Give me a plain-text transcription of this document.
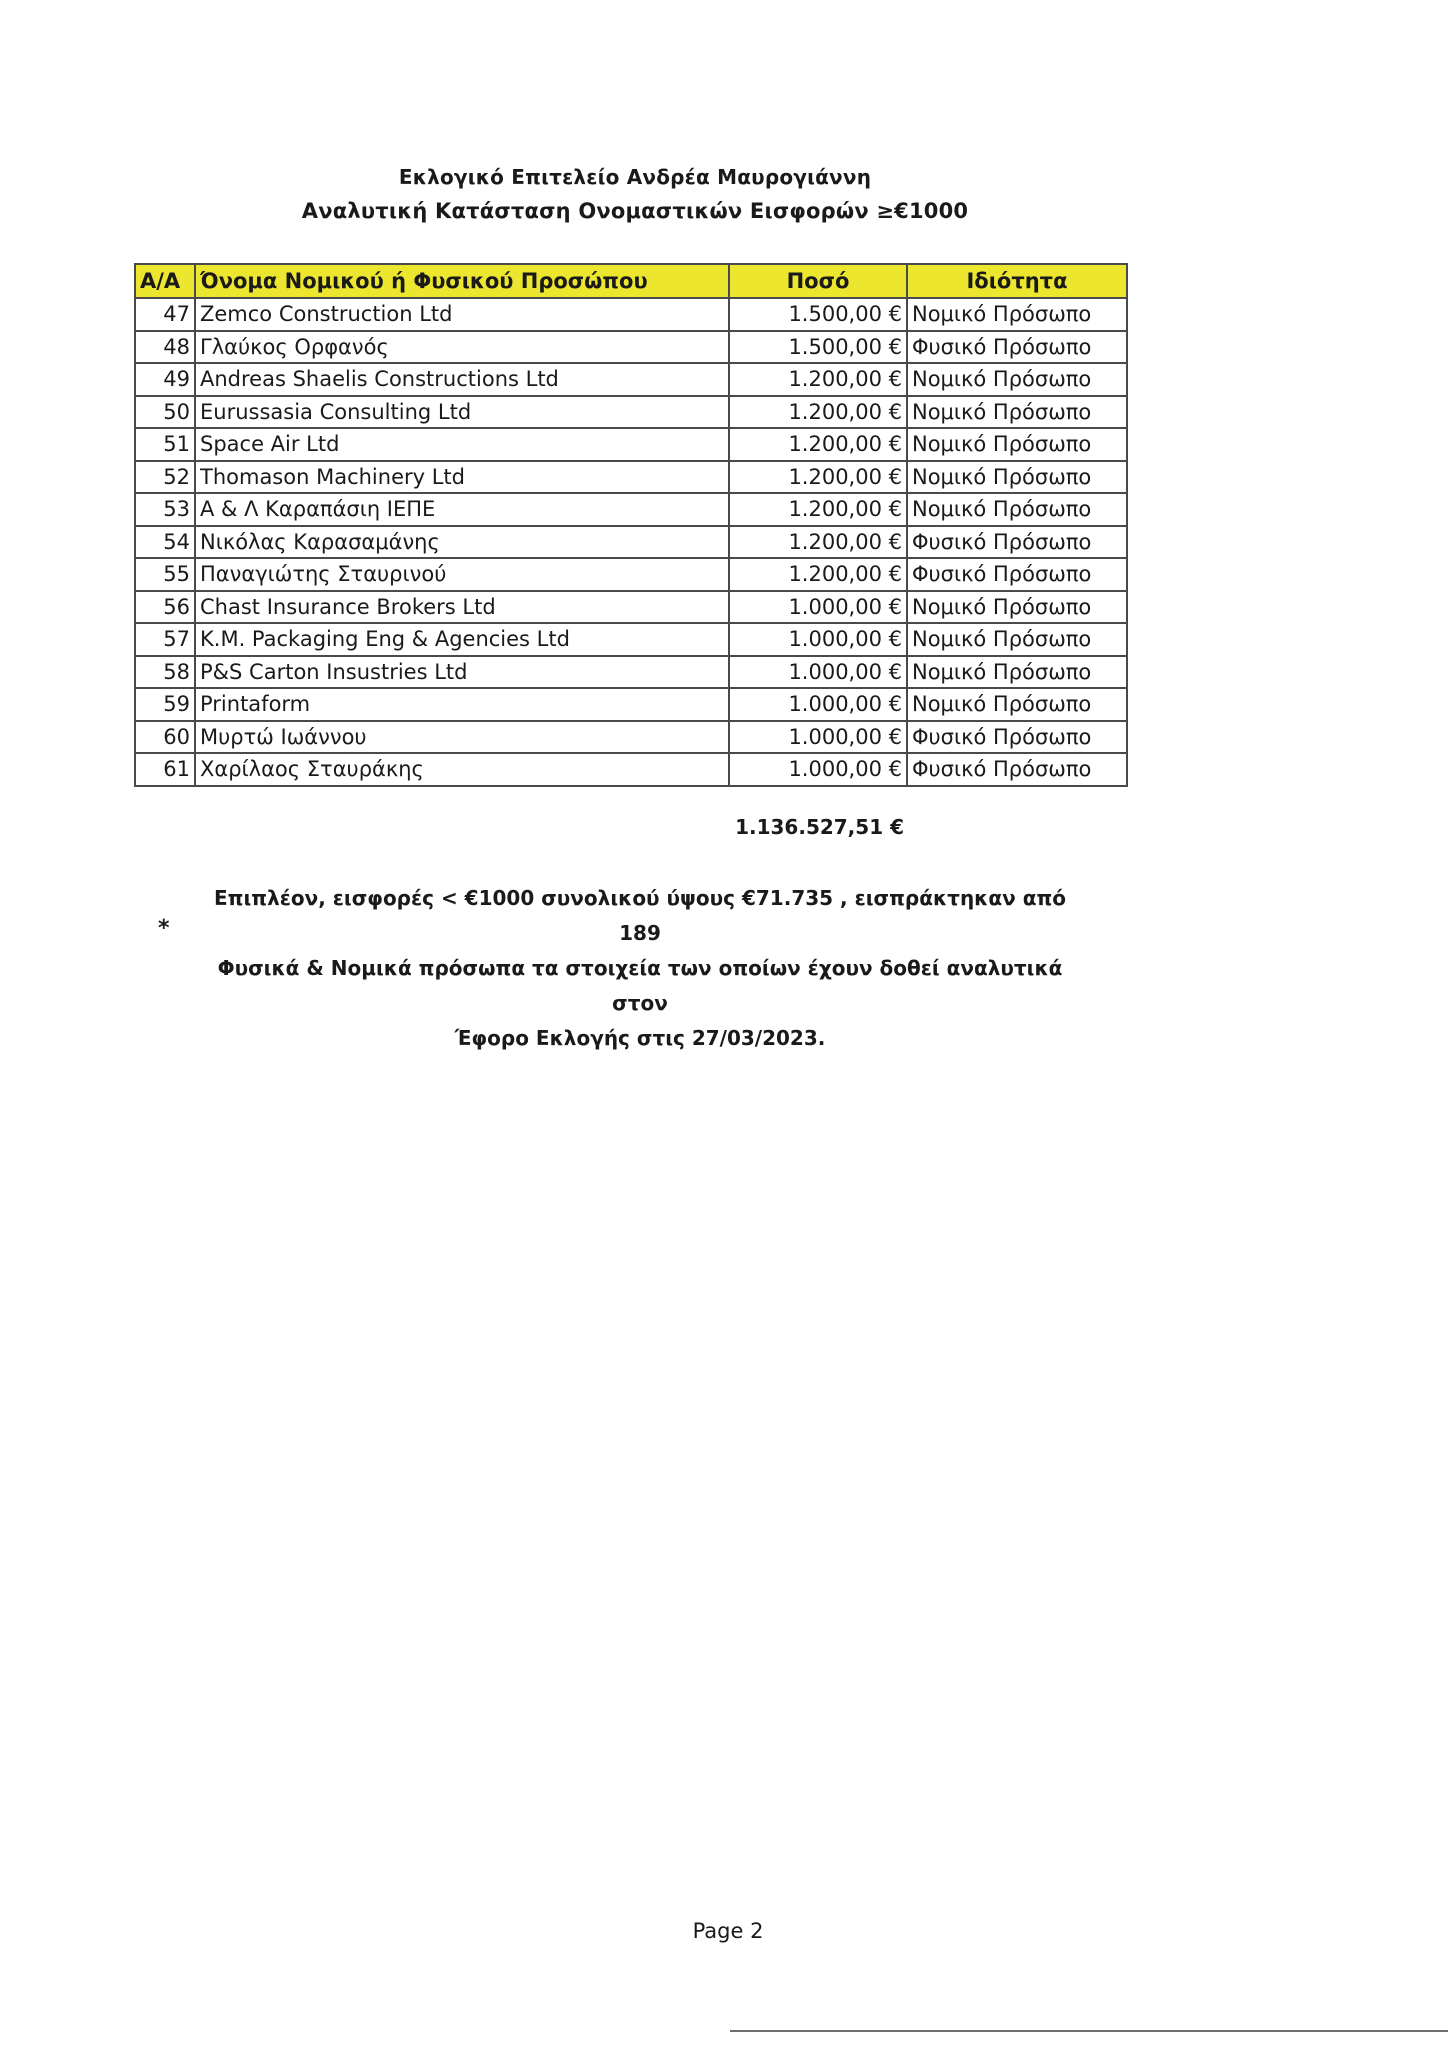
Εκλογικό Επιτελείο Ανδρέα Μαυρογιάννη
Αναλυτική Κατάσταση Ονομαστικών Εισφορών ≥€1000
Α/Α	Όνομα Νομικού ή Φυσικού Προσώπου	Ποσό	Ιδιότητα
47	Zemco Construction Ltd	1.500,00 €	Νομικό Πρόσωπο
48	Γλαύκος Ορφανός	1.500,00 €	Φυσικό Πρόσωπο
49	Andreas Shaelis Constructions Ltd	1.200,00 €	Νομικό Πρόσωπο
50	Eurussasia Consulting Ltd	1.200,00 €	Νομικό Πρόσωπο
51	Space Air Ltd	1.200,00 €	Νομικό Πρόσωπο
52	Thomason Machinery Ltd	1.200,00 €	Νομικό Πρόσωπο
53	Α & Λ Καραπάσιη ΙΕΠΕ	1.200,00 €	Νομικό Πρόσωπο
54	Νικόλας Καρασαμάνης	1.200,00 €	Φυσικό Πρόσωπο
55	Παναγιώτης Σταυρινού	1.200,00 €	Φυσικό Πρόσωπο
56	Chast Insurance Brokers Ltd	1.000,00 €	Νομικό Πρόσωπο
57	K.M. Packaging Eng & Agencies Ltd	1.000,00 €	Νομικό Πρόσωπο
58	P&S Carton Insustries Ltd	1.000,00 €	Νομικό Πρόσωπο
59	Printaform	1.000,00 €	Νομικό Πρόσωπο
60	Μυρτώ Ιωάννου	1.000,00 €	Φυσικό Πρόσωπο
61	Χαρίλαος Σταυράκης	1.000,00 €	Φυσικό Πρόσωπο
1.136.527,51 €
*
Επιπλέον, εισφορές < €1000 συνολικού ύψους €71.735 , εισπράκτηκαν από 189
Φυσικά & Νομικά πρόσωπα τα στοιχεία των οποίων έχουν δοθεί αναλυτικά στον
Έφορο Εκλογής στις 27/03/2023.
Page 2
